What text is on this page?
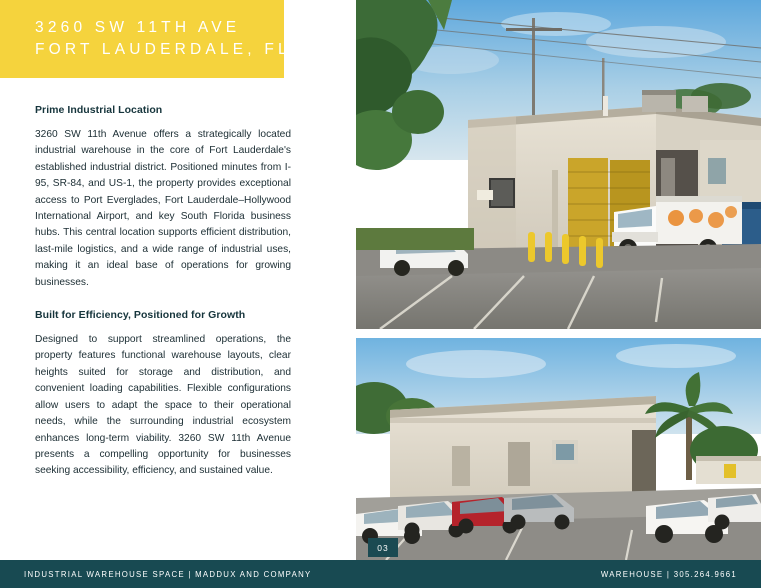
3260 SW 11TH AVE
FORT LAUDERDALE, FL
Prime Industrial Location
3260 SW 11th Avenue offers a strategically located industrial warehouse in the core of Fort Lauderdale's established industrial district. Positioned minutes from I-95, SR-84, and US-1, the property provides exceptional access to Port Everglades, Fort Lauderdale–Hollywood International Airport, and key South Florida business hubs. This central location supports efficient distribution, last-mile logistics, and a wide range of industrial uses, making it an ideal base of operations for growing businesses.
Built for Efficiency, Positioned for Growth
Designed to support streamlined operations, the property features functional warehouse layouts, clear heights suited for storage and distribution, and convenient loading capabilities. Flexible configurations allow users to adapt the space to their operational needs, while the surrounding industrial ecosystem enhances long-term viability. 3260 SW 11th Avenue presents a compelling opportunity for businesses seeking accessibility, efficiency, and sustained value.
03
INDUSTRIAL WAREHOUSE SPACE | MADDUX AND COMPANY	WAREHOUSE | 305.264.9661
